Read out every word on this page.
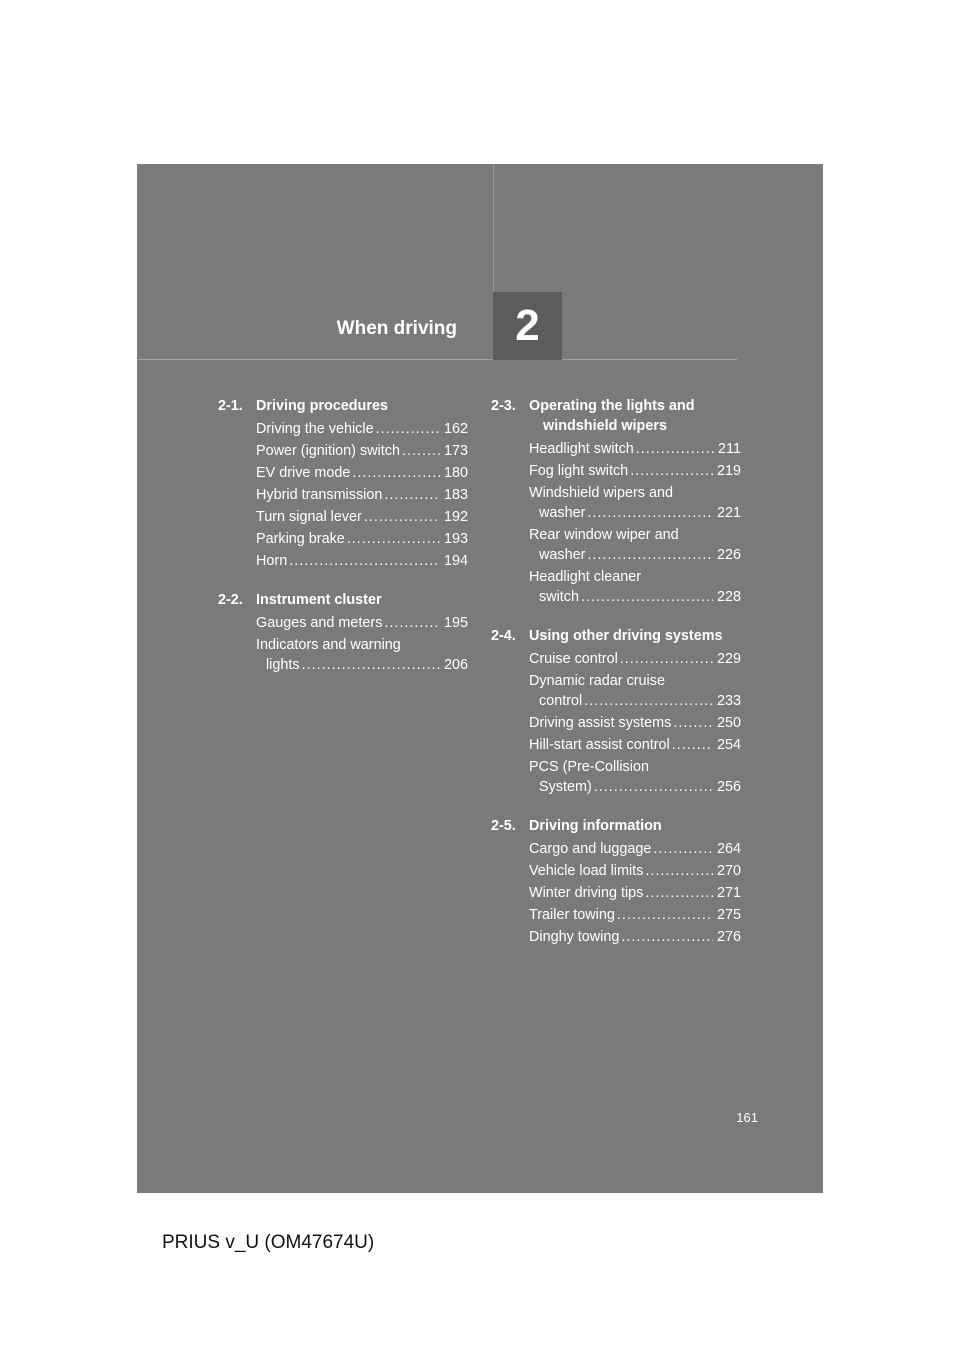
When driving 2
2-1. Driving procedures
Driving the vehicle .....	162
Power (ignition) switch .....	173
EV drive mode .....	180
Hybrid transmission .....	183
Turn signal lever .....	192
Parking brake .....	193
Horn .....	194
2-2. Instrument cluster
Gauges and meters .....	195
Indicators and warning
lights .....	206
2-3. Operating the lights and
windshield wipers
Headlight switch .....	211
Fog light switch .....	219
Windshield wipers and
washer .....	221
Rear window wiper and
washer .....	226
Headlight cleaner
switch .....	228
2-4. Using other driving systems
Cruise control .....	229
Dynamic radar cruise
control .....	233
Driving assist systems .....	250
Hill-start assist control .....	254
PCS (Pre-Collision
System) .....	256
2-5. Driving information
Cargo and luggage .....	264
Vehicle load limits .....	270
Winter driving tips .....	271
Trailer towing .....	275
Dinghy towing .....	276
161
PRIUS v_U (OM47674U)
